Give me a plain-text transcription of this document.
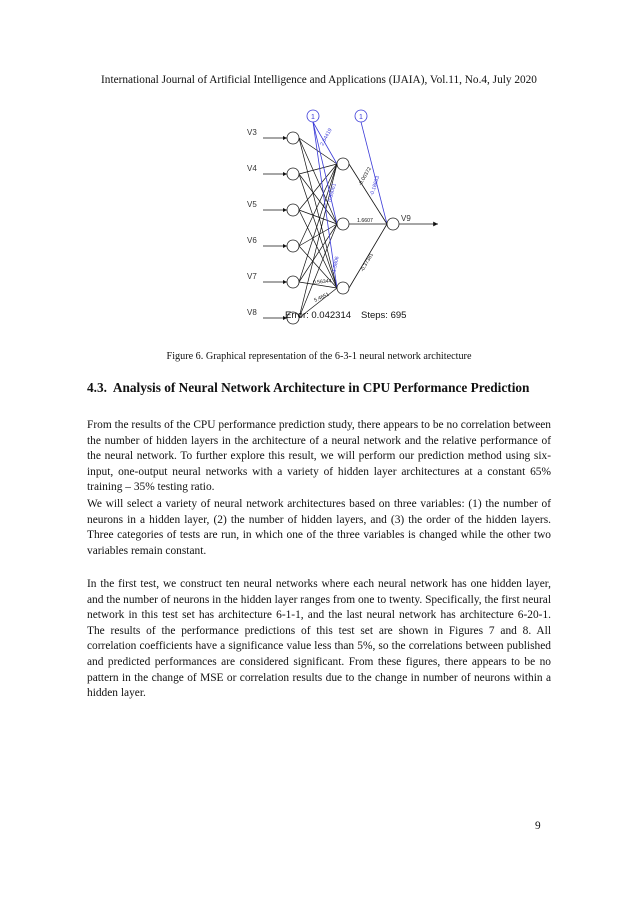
International Journal of Artificial Intelligence and Applications (IJAIA), Vol.11, No.4, July 2020
2.64419
-0.00372
0.86061
1.6607
-1.5806	-0.37381
-0.18663
0.56344
5.4651
V3
V4
V5
V6
V7
V8
V9
1	1
Error: 0.042314 Steps: 695
Figure 6. Graphical representation of the 6-3-1 neural network architecture
4.3. Analysis of Neural Network Architecture in CPU Performance Prediction

From the results of the CPU performance prediction study, there appears to be no correlation between the number of hidden layers in the architecture of a neural network and the relative performance of the neural network. To further explore this result, we will perform our prediction method using six-input, one-output neural networks with a variety of hidden layer architectures at a constant 65% training – 35% testing ratio.

We will select a variety of neural network architectures based on three variables: (1) the number of neurons in a hidden layer, (2) the number of hidden layers, and (3) the order of the hidden layers. Three categories of tests are run, in which one of the three variables is changed while the other two variables remain constant.

In the first test, we construct ten neural networks where each neural network has one hidden layer, and the number of neurons in the hidden layer ranges from one to twenty. Specifically, the first neural network in this test set has architecture 6-1-1, and the last neural network has architecture 6-20-1. The results of the performance predictions of this test set are shown in Figures 7 and 8. All correlation coefficients have a significance value less than 5%, so the correlations between published and predicted performances are considered significant. From these figures, there appears to be no pattern in the change of MSE or correlation results due to the change in number of neurons within a hidden layer.

9
